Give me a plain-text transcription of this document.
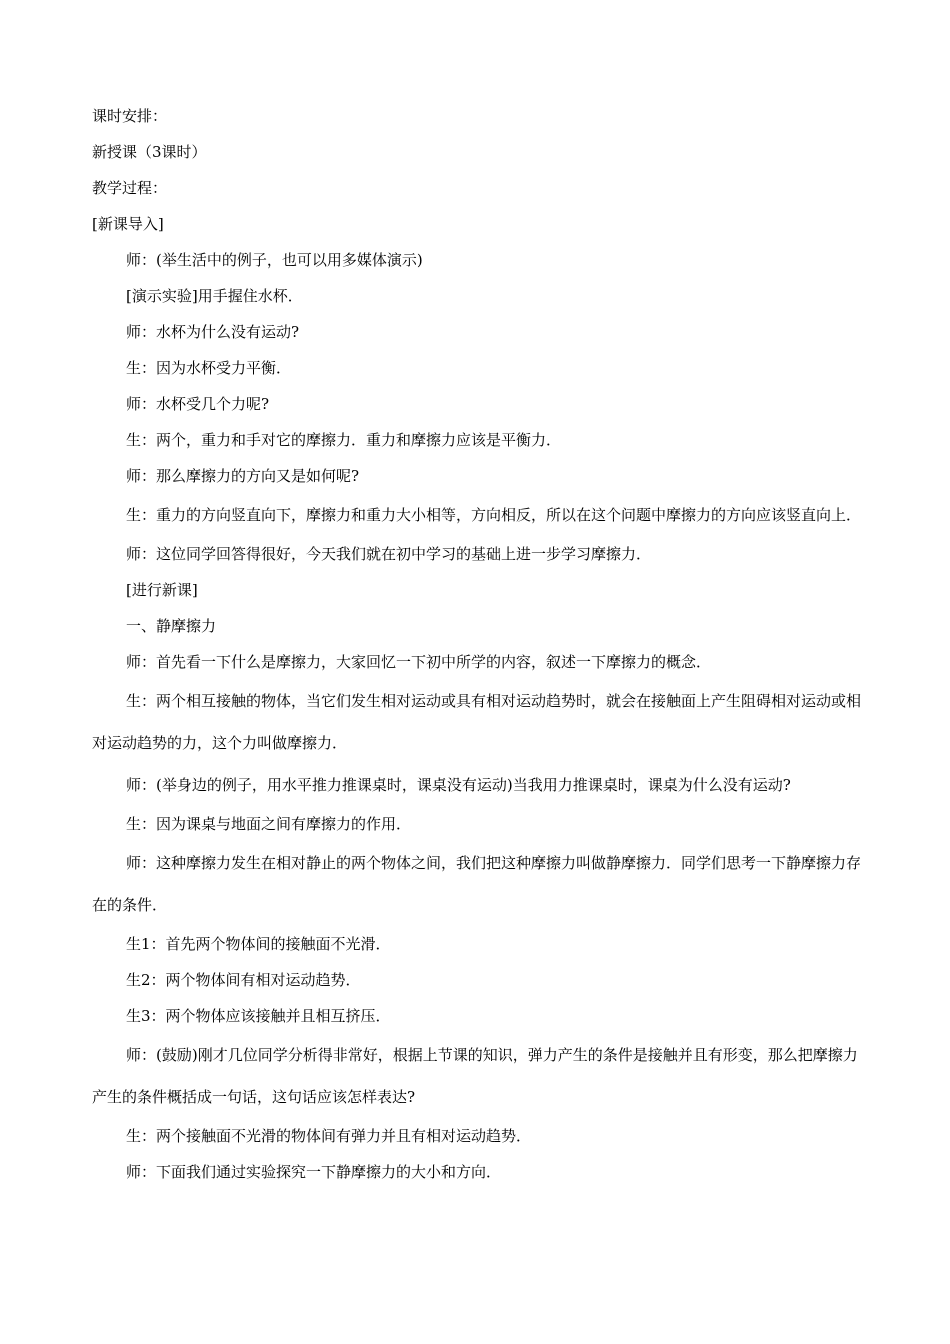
课时安排：

新授课（3课时）

教学过程：

[新课导入]

师：(举生活中的例子，也可以用多媒体演示)

[演示实验]用手握住水杯．

师：水杯为什么没有运动?

生：因为水杯受力平衡．

师：水杯受几个力呢?

生：两个，重力和手对它的摩擦力．重力和摩擦力应该是平衡力．

师：那么摩擦力的方向又是如何呢?

生：重力的方向竖直向下，摩擦力和重力大小相等，方向相反，所以在这个问题中摩擦力的方向应该竖直向上．

师：这位同学回答得很好，今天我们就在初中学习的基础上进一步学习摩擦力．

[进行新课]

一、静摩擦力

师：首先看一下什么是摩擦力，大家回忆一下初中所学的内容，叙述一下摩擦力的概念．

生：两个相互接触的物体，当它们发生相对运动或具有相对运动趋势时，就会在接触面上产生阻碍相对运动或相对运动趋势的力，这个力叫做摩擦力．

师：(举身边的例子，用水平推力推课桌时，课桌没有运动)当我用力推课桌时，课桌为什么没有运动?

生：因为课桌与地面之间有摩擦力的作用．

师：这种摩擦力发生在相对静止的两个物体之间，我们把这种摩擦力叫做静摩擦力．同学们思考一下静摩擦力存在的条件．

生1：首先两个物体间的接触面不光滑．

生2：两个物体间有相对运动趋势．

生3：两个物体应该接触并且相互挤压．

师：(鼓励)刚才几位同学分析得非常好，根据上节课的知识，弹力产生的条件是接触并且有形变，那么把摩擦力产生的条件概括成一句话，这句话应该怎样表达?

生：两个接触面不光滑的物体间有弹力并且有相对运动趋势．

师：下面我们通过实验探究一下静摩擦力的大小和方向．
